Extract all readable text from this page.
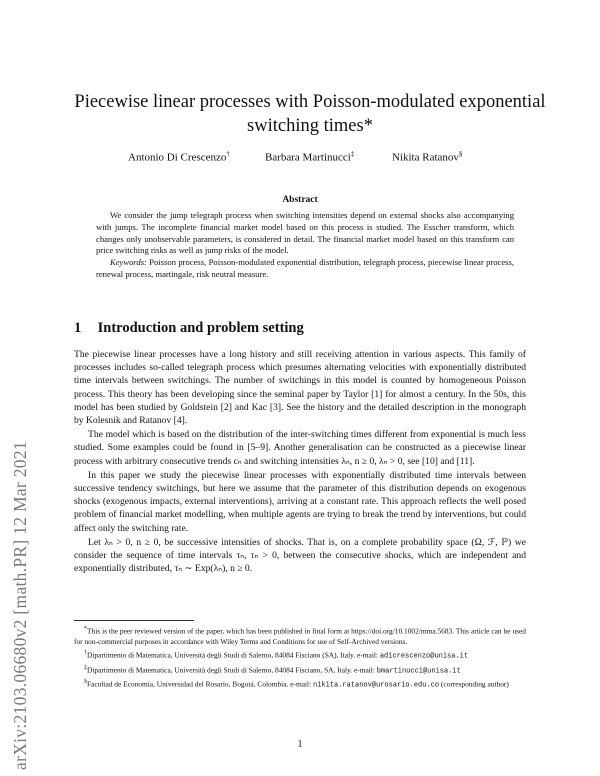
arXiv:2103.06680v2 [math.PR] 12 Mar 2021
Piecewise linear processes with Poisson-modulated exponential
switching times*
Antonio Di Crescenzo†	Barbara Martinucci‡	Nikita Ratanov§
Abstract

We consider the jump telegraph process when switching intensities depend on external shocks also accompanying with jumps. The incomplete financial market model based on this process is studied. The Esscher transform, which changes only unobservable parameters, is considered in detail. The financial market model based on this transform can price switching risks as well as jump risks of the model.

Keywords: Poisson process, Poisson-modulated exponential distribution, telegraph process, piecewise linear process, renewal process, martingale, risk neutral measure.

1 Introduction and problem setting

The piecewise linear processes have a long history and still receiving attention in various aspects. This family of processes includes so-called telegraph process which presumes alternating velocities with exponentially distributed time intervals between switchings. The number of switchings in this model is counted by homogeneous Poisson process. This theory has been developing since the seminal paper by Taylor [1] for almost a century. In the 50s, this model has been studied by Goldstein [2] and Kac [3]. See the history and the detailed description in the monograph by Kolesnik and Ratanov [4].

The model which is based on the distribution of the inter-switching times different from exponential is much less studied. Some examples could be found in [5–9]. Another generalisation can be constructed as a piecewise linear process with arbitrary consecutive trends cₙ and switching intensities λₙ, n ≥ 0, λₙ > 0, see [10] and [11].

In this paper we study the piecewise linear processes with exponentially distributed time intervals between successive tendency switchings, but here we assume that the parameter of this distribution depends on exogenous shocks (exogenous impacts, external interventions), arriving at a constant rate. This approach reflects the well posed problem of financial market modelling, when multiple agents are trying to break the trend by interventions, but could affect only the switching rate.

Let λₙ > 0, n ≥ 0, be successive intensities of shocks. That is, on a complete probability space (Ω, ℱ, ℙ) we consider the sequence of time intervals τₙ, τₙ > 0, between the consecutive shocks, which are independent and exponentially distributed, τₙ ∼ Exp(λₙ), n ≥ 0.

*This is the peer reviewed version of the paper, which has been published in final form at https://doi.org/10.1002/mma.5683. This article can be used for non-commercial purposes in accordance with Wiley Terms and Conditions for use of Self-Archived versions.

†Dipartimento di Matematica, Università degli Studi di Salerno, 84084 Fisciano (SA), Italy. e-mail: adicrescenzo@unisa.it

‡Dipartimento di Matematica, Università degli Studi di Salerno, 84084 Fisciano, SA, Italy. e-mail: bmartinucci@unisa.it

§Facultad de Economía, Universidad del Rosario, Bogotá, Colombia. e-mail: nikita.ratanov@urosario.edu.co (corresponding author)

1
